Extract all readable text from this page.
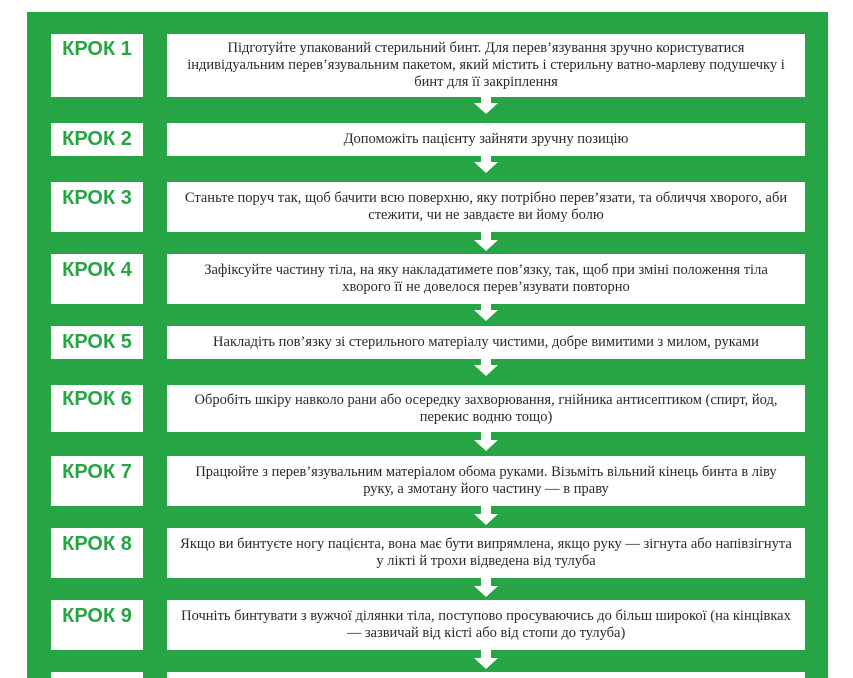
КРОК 1	Підготуйте упакований стерильний бинт. Для перев’язування зручно користуватися індивідуальним перев’язувальним пакетом, який містить і стерильну ватно-марлеву подушечку і бинт для її закріплення
КРОК 2	Допоможіть пацієнту зайняти зручну позицію
КРОК 3	Станьте поруч так, щоб бачити всю поверхню, яку потрібно перев’язати, та обличчя хворого, аби стежити, чи не завдаєте ви йому болю
КРОК 4	Зафіксуйте частину тіла, на яку накладатимете пов’язку, так, щоб при зміні положення тіла хворого її не довелося перев’язувати повторно
КРОК 5	Накладіть пов’язку зі стерильного матеріалу чистими, добре вимитими з милом, руками
КРОК 6	Обробіть шкіру навколо рани або осередку захворювання, гнійника антисептиком (спирт, йод, перекис водню тощо)
КРОК 7	Працюйте з перев’язувальним матеріалом обома руками. Візьміть вільний кінець бинта в ліву руку, а змотану його частину — в праву
КРОК 8	Якщо ви бинтуєте ногу пацієнта, вона має бути випрямлена, якщо руку — зігнута або напівзігнута у лікті й трохи відведена від тулуба
КРОК 9	Почніть бинтувати з вужчої ділянки тіла, поступово просуваючись до більш широкої (на кінцівках — зазвичай від кісті або від стопи до тулуба)
